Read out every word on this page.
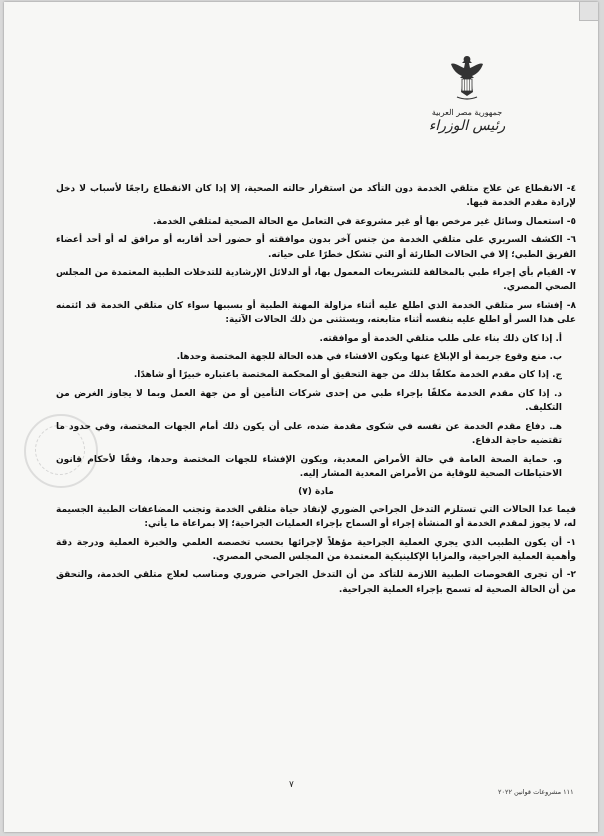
جمهورية مصر العربية
رئيس الوزراء
٤- الانقطاع عن علاج متلقي الخدمة دون التأكد من استقرار حالته الصحية، إلا إذا كان الانقطاع راجعًا لأسباب لا دخل لإرادة مقدم الخدمة فيها.
٥- استعمال وسائل غير مرخص بها أو غير مشروعة في التعامل مع الحالة الصحية لمتلقي الخدمة.
٦- الكشف السريري على متلقي الخدمة من جنس آخر بدون موافقته أو حضور أحد أقاربه أو مرافق له أو أحد أعضاء الفريق الطبي؛ إلا في الحالات الطارئة أو التي تشكل خطرًا على حياته.
٧- القيام بأي إجراء طبي بالمخالفة للتشريعات المعمول بها، أو الدلائل الإرشادية للتدخلات الطبية المعتمدة من المجلس الصحي المصري.
٨- إفشاء سر متلقي الخدمة الذي اطلع عليه أثناء مزاولة المهنة الطبية أو بسببها سواء كان متلقي الخدمة قد ائتمنه على هذا السر أو اطلع عليه بنفسه أثناء متابعته، ويستثنى من ذلك الحالات الآتية:
أ. إذا كان ذلك بناء على طلب متلقي الخدمة أو موافقته.
ب. منع وقوع جريمة أو الإبلاغ عنها ويكون الافشاء في هذه الحالة للجهة المختصة وحدها.
ج. إذا كان مقدم الخدمة مكلفًا بذلك من جهة التحقيق أو المحكمة المختصة باعتباره خبيرًا أو شاهدًا.
د. إذا كان مقدم الخدمة مكلفًا بإجراء طبي من إحدى شركات التأمين أو من جهة العمل وبما لا يجاوز الغرض من التكليف.
هـ. دفاع مقدم الخدمة عن نفسه في شكوى مقدمة ضده، على أن يكون ذلك أمام الجهات المختصة، وفي حدود ما تقتضيه حاجة الدفاع.
و. حماية الصحة العامة في حالة الأمراض المعدية، ويكون الإفشاء للجهات المختصة وحدها، وفقًا لأحكام قانون الاحتياطات الصحية للوقاية من الأمراض المعدية المشار إليه.
مادة (٧)
فيما عدا الحالات التي تستلزم التدخل الجراحي الضوري لإنقاذ حياة متلقي الخدمة وتجنب المضاعفات الطبية الجسيمة له، لا يجوز لمقدم الخدمة أو المنشأة إجراء أو السماح بإجراء العمليات الجراحية؛ إلا بمراعاة ما يأتي:
١- أن يكون الطبيب الذي يجري العملية الجراحية مؤهلاً لإجرائها بحسب تخصصه العلمي والخبرة العملية ودرجة دقة وأهمية العملية الجراحية، والمزايا الإكلينيكية المعتمدة من المجلس الصحي المصري.
٢- أن تجرى الفحوصات الطبية اللازمة للتأكد من أن التدخل الجراحي ضروري ومناسب لعلاج متلقي الخدمة، والتحقق من أن الحالة الصحية له تسمح بإجراء العملية الجراحية.
٧
١١١ مشروعات قوانين ٢٠٢٢
